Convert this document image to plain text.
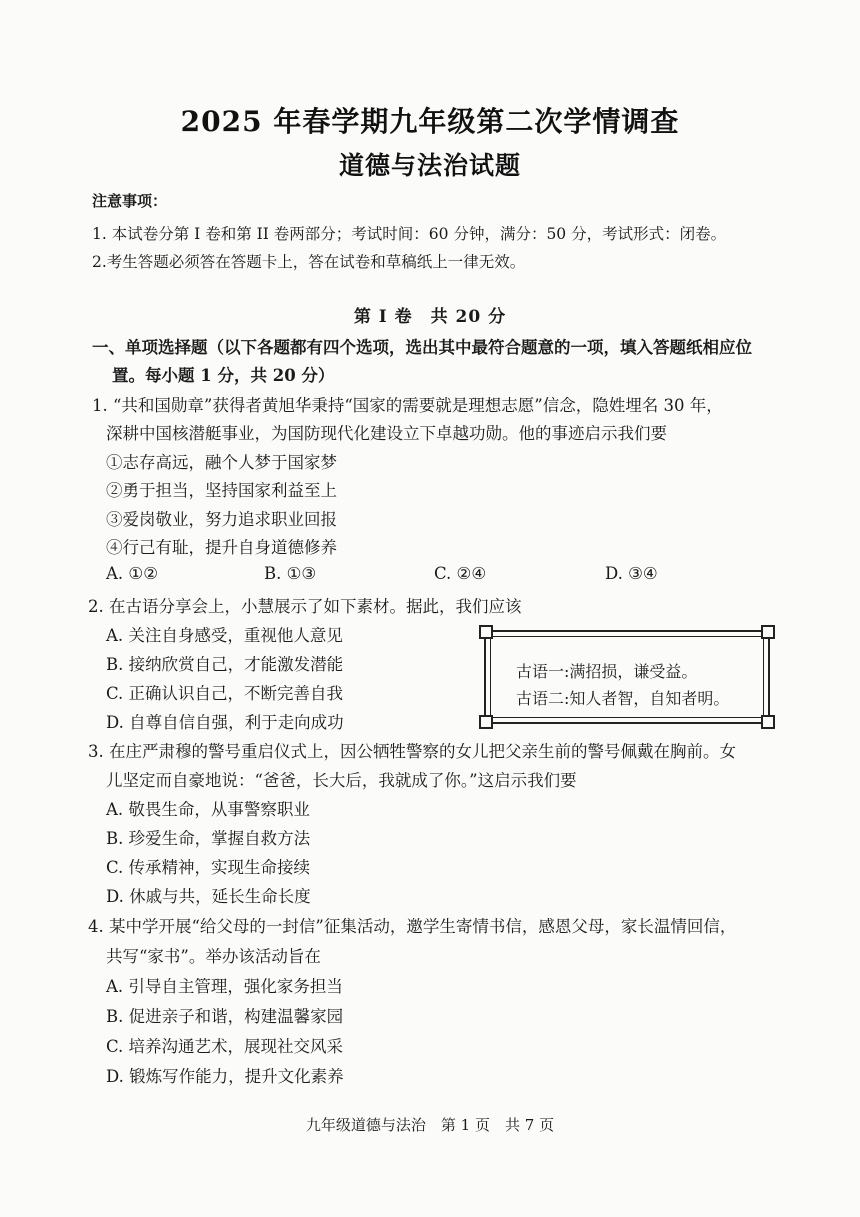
2025 年春学期九年级第二次学情调查
道德与法治试题
注意事项：
1. 本试卷分第 I 卷和第 II 卷两部分；考试时间：60 分钟，满分：50 分，考试形式：闭卷。
2.考生答题必须答在答题卡上，答在试卷和草稿纸上一律无效。
第 I 卷　共 20 分
一、单项选择题（以下各题都有四个选项，选出其中最符合题意的一项，填入答题纸相应位
置。每小题 1 分，共 20 分）
1. “共和国勋章”获得者黄旭华秉持“国家的需要就是理想志愿”信念，隐姓埋名 30 年，
深耕中国核潜艇事业，为国防现代化建设立下卓越功勋。他的事迹启示我们要
①志存高远，融个人梦于国家梦
②勇于担当，坚持国家利益至上
③爱岗敬业，努力追求职业回报
④行己有耻，提升自身道德修养
A. ①②	B. ①③	C. ②④	D. ③④
2. 在古语分享会上，小慧展示了如下素材。据此，我们应该
A. 关注自身感受，重视他人意见
B. 接纳欣赏自己，才能激发潜能
C. 正确认识自己，不断完善自我
D. 自尊自信自强，利于走向成功
古语一:满招损，谦受益。
古语二:知人者智，自知者明。
3. 在庄严肃穆的警号重启仪式上，因公牺牲警察的女儿把父亲生前的警号佩戴在胸前。女
儿坚定而自豪地说：“爸爸，长大后，我就成了你。”这启示我们要
A. 敬畏生命，从事警察职业
B. 珍爱生命，掌握自救方法
C. 传承精神，实现生命接续
D. 休戚与共，延长生命长度
4. 某中学开展“给父母的一封信”征集活动，邀学生寄情书信，感恩父母，家长温情回信，
共写“家书”。举办该活动旨在
A. 引导自主管理，强化家务担当
B. 促进亲子和谐，构建温馨家园
C. 培养沟通艺术，展现社交风采
D. 锻炼写作能力，提升文化素养
九年级道德与法治　第 1 页　共 7 页
